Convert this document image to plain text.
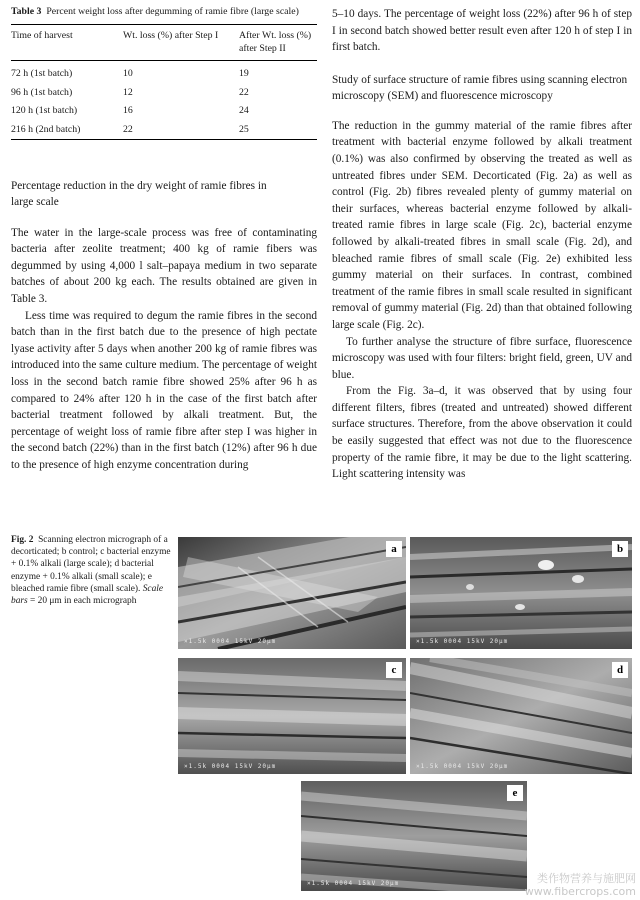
Table 3 Percent weight loss after degumming of ramie fibre (large scale)
Time of harvest	Wt. loss (%) after Step I	After Wt. loss (%) after Step II
72 h (1st batch)	10	19
96 h (1st batch)	12	22
120 h (1st batch)	16	24
216 h (2nd batch)	22	25

Percentage reduction in the dry weight of ramie fibres in large scale

The water in the large-scale process was free of contaminating bacteria after zeolite treatment; 400 kg of ramie fibers was degummed by using 4,000 l salt–papaya medium in two separate batches of about 200 kg each. The results obtained are given in Table 3.

Less time was required to degum the ramie fibres in the second batch than in the first batch due to the presence of high pectate lyase activity after 5 days when another 200 kg of ramie fibres was introduced into the same culture medium. The percentage of weight loss in the second batch ramie fibre showed 25% after 96 h as compared to 24% after 120 h in the case of the first batch after bacterial treatment followed by alkali treatment. But, the percentage of weight loss of ramie fibre after step I was higher in the second batch (22%) than in the first batch (12%) after 96 h due to the presence of high enzyme concentration during

5–10 days. The percentage of weight loss (22%) after 96 h of step I in second batch showed better result even after 120 h of step I in first batch.

Study of surface structure of ramie fibres using scanning electron microscopy (SEM) and fluorescence microscopy

The reduction in the gummy material of the ramie fibres after treatment with bacterial enzyme followed by alkali treatment (0.1%) was also confirmed by observing the treated as well as untreated fibres under SEM. Decorticated (Fig. 2a) as well as control (Fig. 2b) fibres revealed plenty of gummy material on their surfaces, whereas bacterial enzyme followed by alkali-treated ramie fibres in large scale (Fig. 2c), bacterial enzyme followed by alkali-treated fibres in small scale (Fig. 2d), and bleached ramie fibres of small scale (Fig. 2e) exhibited less gummy material on their surfaces. In contrast, combined treatment of the ramie fibres in small scale resulted in significant removal of gummy material (Fig. 2d) than that obtained following large scale (Fig. 2c).

To further analyse the structure of fibre surface, fluorescence microscopy was used with four filters: bright field, green, UV and blue.

From the Fig. 3a–d, it was observed that by using four different filters, fibres (treated and untreated) showed different surface structures. Therefore, from the above observation it could be easily suggested that effect was not due to the fluorescence property of the ramie fibre, it may be due to the light scattering. Light scattering intensity was

Fig. 2 Scanning electron micrograph of a decorticated; b control; c bacterial enzyme + 0.1% alkali (large scale); d bacterial enzyme + 0.1% alkali (small scale); e bleached ramie fibre (small scale). Scale bars = 20 μm in each micrograph
a
×1.5k 0004 15kV 20μm
b
×1.5k 0004 15kV 20μm
c
×1.5k 0004 15kV 20μm
d
×1.5k 0004 15kV 20μm
e
×1.5k 0004 15kV 20μm	类作物营养与施肥网
www.fibercrops.com
